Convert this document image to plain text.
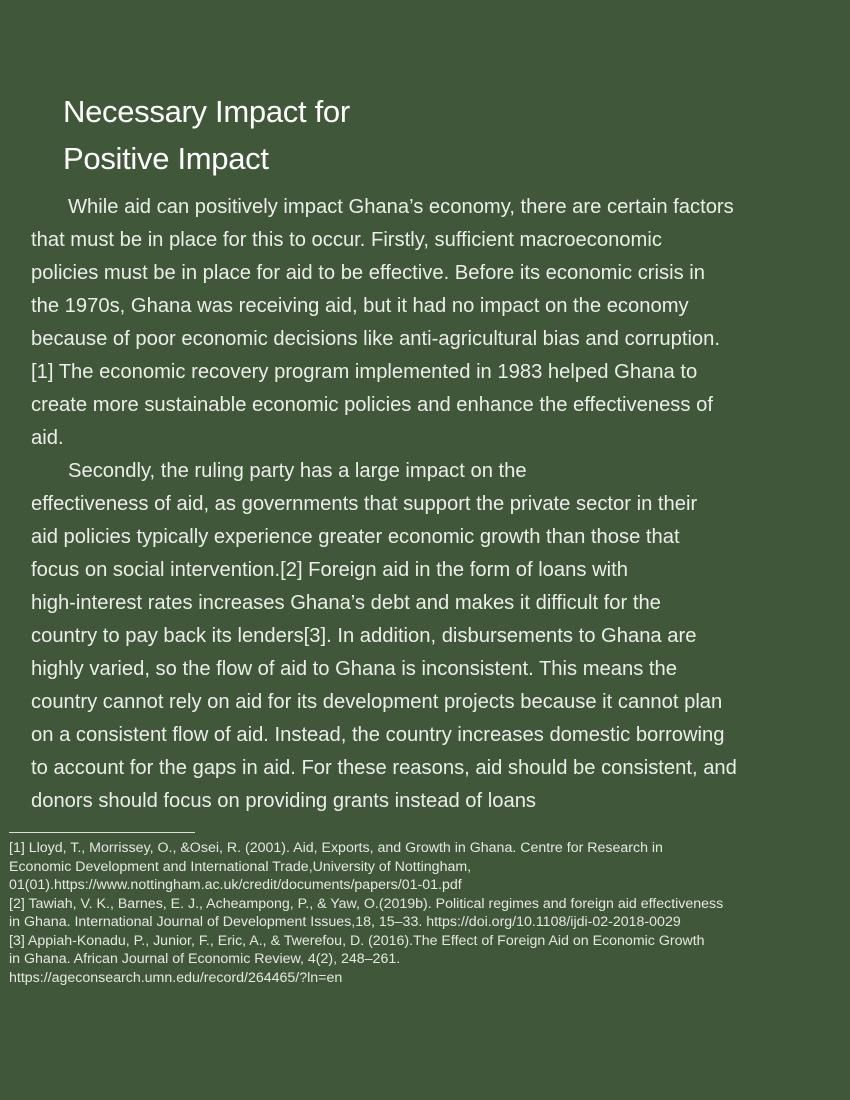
Necessary Impact for
Positive Impact

While aid can positively impact Ghana’s economy, there are certain factors
that must be in place for this to occur. Firstly, sufficient macroeconomic
policies must be in place for aid to be effective. Before its economic crisis in
the 1970s, Ghana was receiving aid, but it had no impact on the economy
because of poor economic decisions like anti-agricultural bias and corruption.
[1] The economic recovery program implemented in 1983 helped Ghana to
create more sustainable economic policies and enhance the effectiveness of
aid.

Secondly, the ruling party has a large impact on the
effectiveness of aid, as governments that support the private sector in their
aid policies typically experience greater economic growth than those that
focus on social intervention.[2] Foreign aid in the form of loans with
high-interest rates increases Ghana’s debt and makes it difficult for the
country to pay back its lenders[3]. In addition, disbursements to Ghana are
highly varied, so the flow of aid to Ghana is inconsistent. This means the
country cannot rely on aid for its development projects because it cannot plan
on a consistent flow of aid. Instead, the country increases domestic borrowing
to account for the gaps in aid. For these reasons, aid should be consistent, and
donors should focus on providing grants instead of loans

[1] Lloyd, T., Morrissey, O., &Osei, R. (2001). Aid, Exports, and Growth in Ghana. Centre for Research in
Economic Development and International Trade,University of Nottingham,
01(01).https://www.nottingham.ac.uk/credit/documents/papers/01-01.pdf
[2] Tawiah, V. K., Barnes, E. J., Acheampong, P., & Yaw, O.(2019b). Political regimes and foreign aid effectiveness
in Ghana. International Journal of Development Issues,18, 15–33. https://doi.org/10.1108/ijdi-02-2018-0029
[3] Appiah-Konadu, P., Junior, F., Eric, A., & Twerefou, D. (2016).The Effect of Foreign Aid on Economic Growth
in Ghana. African Journal of Economic Review, 4(2), 248–261.
https://ageconsearch.umn.edu/record/264465/?ln=en
